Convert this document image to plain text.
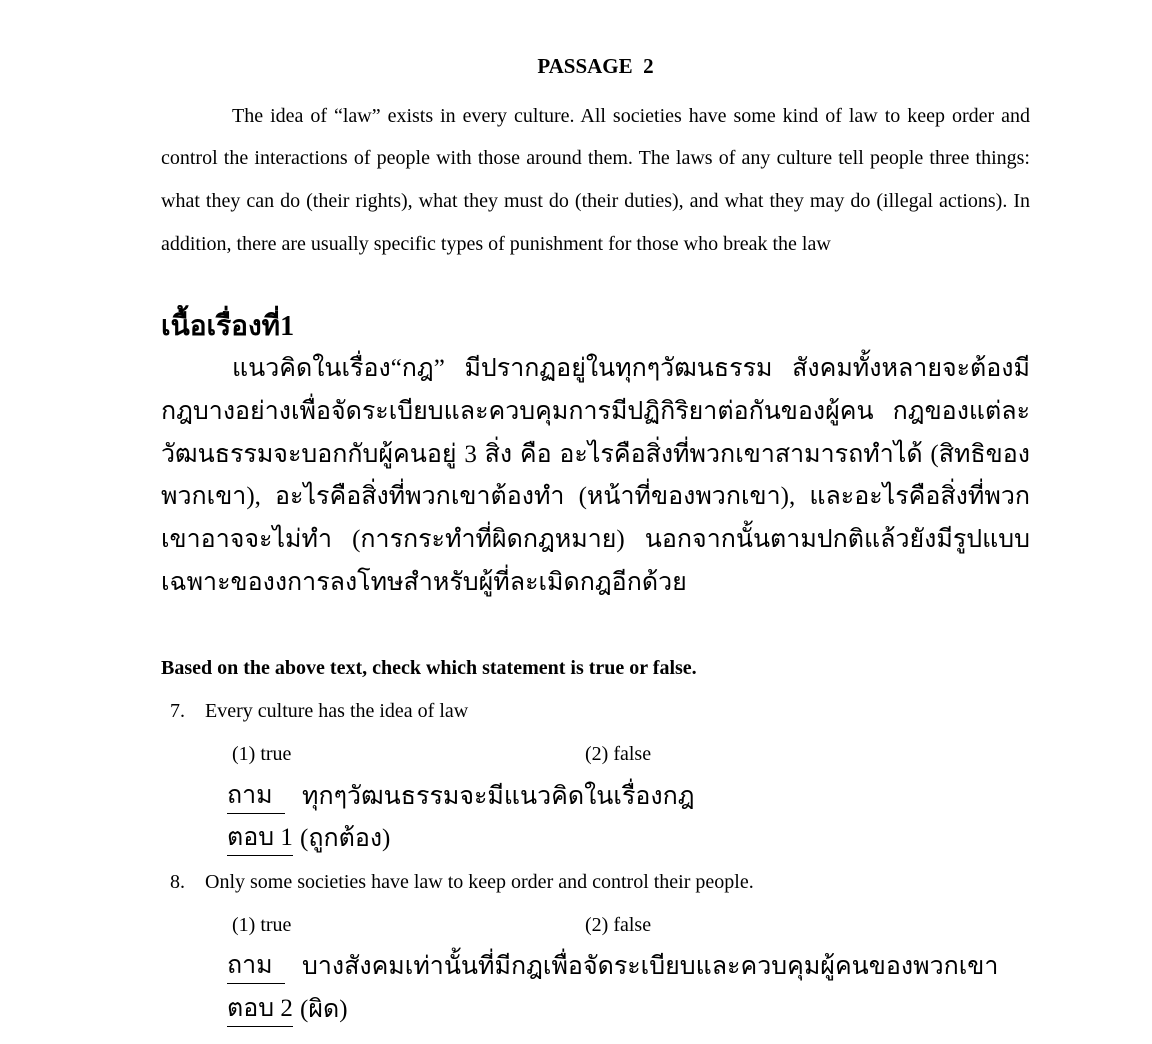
PASSAGE  2

The idea of “law” exists in every culture. All societies have some kind of law to keep order and control the interactions of people with those around them. The laws of any culture tell people three things: what they can do (their rights), what they must do (their duties), and what they may do (illegal actions). In addition, there are usually specific types of punishment for those who break the law

เนื้อเรื่องที่1

แนวคิดในเรื่อง“กฎ” มีปรากฏอยู่ในทุกๆวัฒนธรรม สังคมทั้งหลายจะต้องมีกฎบางอย่างเพื่อจัดระเบียบและควบคุมการมีปฏิกิริยาต่อกันของผู้คน กฎของแต่ละวัฒนธรรมจะบอกกับผู้คนอยู่ 3 สิ่ง คือ อะไรคือสิ่งที่พวกเขาสามารถทำได้ (สิทธิของพวกเขา), อะไรคือสิ่งที่พวกเขาต้องทำ (หน้าที่ของพวกเขา), และอะไรคือสิ่งที่พวกเขาอาจจะไม่ทำ (การกระทำที่ผิดกฎหมาย) นอกจากนั้นตามปกติแล้วยังมีรูปแบบเฉพาะของงการลงโทษสำหรับผู้ที่ละเมิดกฎอีกด้วย

Based on the above text, check which statement is true or false.
7. Every culture has the idea of law
(1) true	(2) false
ถาม ทุกๆวัฒนธรรมจะมีแนวคิดในเรื่องกฎ
ตอบ 1 (ถูกต้อง)
8. Only some societies have law to keep order and control their people.
(1) true	(2) false
ถาม บางสังคมเท่านั้นที่มีกฎเพื่อจัดระเบียบและควบคุมผู้คนของพวกเขา
ตอบ 2 (ผิด)
